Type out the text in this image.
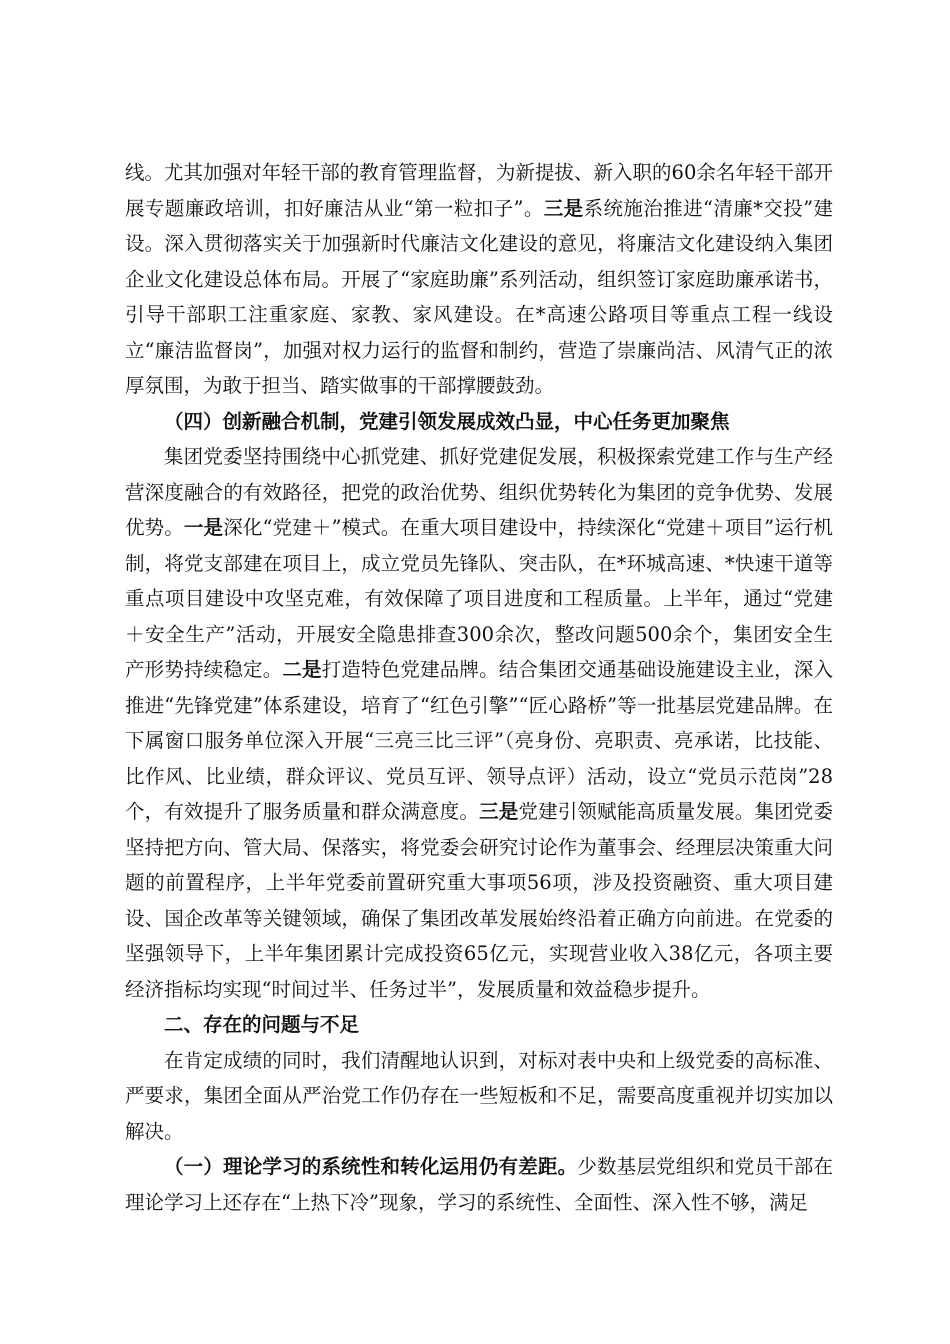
线。尤其加强对年轻干部的教育管理监督，为新提拔、新入职的60余名年轻干部开展专题廉政培训，扣好廉洁从业“第一粒扣子”。三是系统施治推进“清廉*交投”建设。深入贯彻落实关于加强新时代廉洁文化建设的意见，将廉洁文化建设纳入集团企业文化建设总体布局。开展了“家庭助廉”系列活动，组织签订家庭助廉承诺书，引导干部职工注重家庭、家教、家风建设。在*高速公路项目等重点工程一线设立“廉洁监督岗”，加强对权力运行的监督和制约，营造了崇廉尚洁、风清气正的浓厚氛围，为敢于担当、踏实做事的干部撑腰鼓劲。

（四）创新融合机制，党建引领发展成效凸显，中心任务更加聚焦

集团党委坚持围绕中心抓党建、抓好党建促发展，积极探索党建工作与生产经营深度融合的有效路径，把党的政治优势、组织优势转化为集团的竞争优势、发展优势。一是深化“党建＋”模式。在重大项目建设中，持续深化“党建＋项目”运行机制，将党支部建在项目上，成立党员先锋队、突击队，在*环城高速、*快速干道等重点项目建设中攻坚克难，有效保障了项目进度和工程质量。上半年，通过“党建＋安全生产”活动，开展安全隐患排查300余次，整改问题500余个，集团安全生产形势持续稳定。二是打造特色党建品牌。结合集团交通基础设施建设主业，深入推进“先锋党建”体系建设，培育了“红色引擎”“匠心路桥”等一批基层党建品牌。在下属窗口服务单位深入开展“三亮三比三评”（亮身份、亮职责、亮承诺，比技能、比作风、比业绩，群众评议、党员互评、领导点评）活动，设立“党员示范岗”28个，有效提升了服务质量和群众满意度。三是党建引领赋能高质量发展。集团党委坚持把方向、管大局、保落实，将党委会研究讨论作为董事会、经理层决策重大问题的前置程序，上半年党委前置研究重大事项56项，涉及投资融资、重大项目建设、国企改革等关键领域，确保了集团改革发展始终沿着正确方向前进。在党委的坚强领导下，上半年集团累计完成投资65亿元，实现营业收入38亿元，各项主要经济指标均实现“时间过半、任务过半”，发展质量和效益稳步提升。

二、存在的问题与不足

在肯定成绩的同时，我们清醒地认识到，对标对表中央和上级党委的高标准、严要求，集团全面从严治党工作仍存在一些短板和不足，需要高度重视并切实加以解决。

（一）理论学习的系统性和转化运用仍有差距。少数基层党组织和党员干部在理论学习上还存在“上热下冷”现象，学习的系统性、全面性、深入性不够，满足
